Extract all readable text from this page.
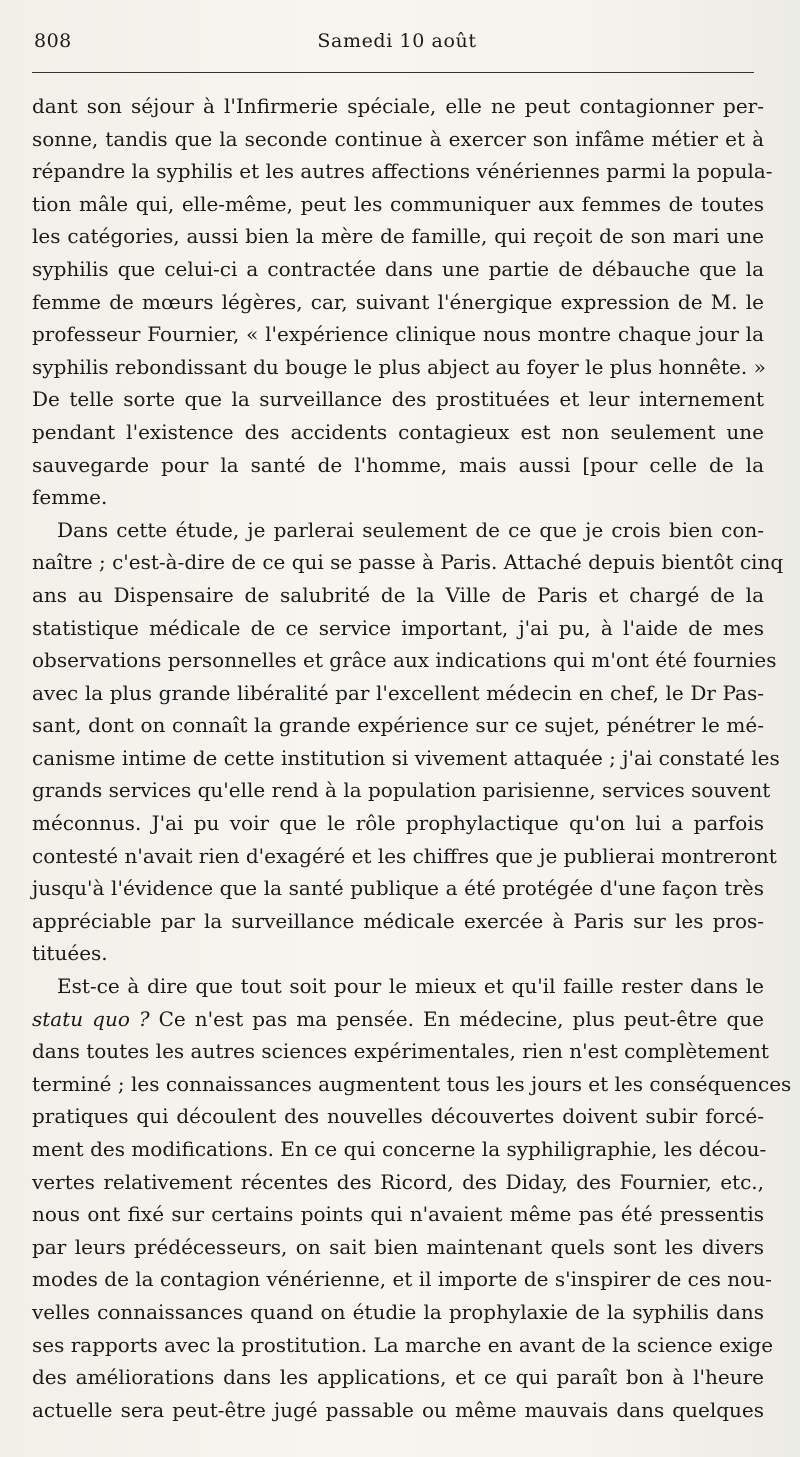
808	Samedi 10 août
dant son séjour à l'Infirmerie spéciale, elle ne peut contagionner per-
sonne, tandis que la seconde continue à exercer son infâme métier et à
répandre la syphilis et les autres affections vénériennes parmi la popula-
tion mâle qui, elle-même, peut les communiquer aux femmes de toutes
les catégories, aussi bien la mère de famille, qui reçoit de son mari une
syphilis que celui-ci a contractée dans une partie de débauche que la
femme de mœurs légères, car, suivant l'énergique expression de M. le
professeur Fournier, « l'expérience clinique nous montre chaque jour la
syphilis rebondissant du bouge le plus abject au foyer le plus honnête. »
De telle sorte que la surveillance des prostituées et leur internement
pendant l'existence des accidents contagieux est non seulement une
sauvegarde pour la santé de l'homme, mais aussi [pour celle de la
femme.
Dans cette étude, je parlerai seulement de ce que je crois bien con-
naître ; c'est-à-dire de ce qui se passe à Paris. Attaché depuis bientôt cinq
ans au Dispensaire de salubrité de la Ville de Paris et chargé de la
statistique médicale de ce service important, j'ai pu, à l'aide de mes
observations personnelles et grâce aux indications qui m'ont été fournies
avec la plus grande libéralité par l'excellent médecin en chef, le Dr Pas-
sant, dont on connaît la grande expérience sur ce sujet, pénétrer le mé-
canisme intime de cette institution si vivement attaquée ; j'ai constaté les
grands services qu'elle rend à la population parisienne, services souvent
méconnus. J'ai pu voir que le rôle prophylactique qu'on lui a parfois
contesté n'avait rien d'exagéré et les chiffres que je publierai montreront
jusqu'à l'évidence que la santé publique a été protégée d'une façon très
appréciable par la surveillance médicale exercée à Paris sur les pros-
tituées.
Est-ce à dire que tout soit pour le mieux et qu'il faille rester dans le
statu quo ? Ce n'est pas ma pensée. En médecine, plus peut-être que
dans toutes les autres sciences expérimentales, rien n'est complètement
terminé ; les connaissances augmentent tous les jours et les conséquences
pratiques qui découlent des nouvelles découvertes doivent subir forcé-
ment des modifications. En ce qui concerne la syphiligraphie, les décou-
vertes relativement récentes des Ricord, des Diday, des Fournier, etc.,
nous ont fixé sur certains points qui n'avaient même pas été pressentis
par leurs prédécesseurs, on sait bien maintenant quels sont les divers
modes de la contagion vénérienne, et il importe de s'inspirer de ces nou-
velles connaissances quand on étudie la prophylaxie de la syphilis dans
ses rapports avec la prostitution. La marche en avant de la science exige
des améliorations dans les applications, et ce qui paraît bon à l'heure
actuelle sera peut-être jugé passable ou même mauvais dans quelques
